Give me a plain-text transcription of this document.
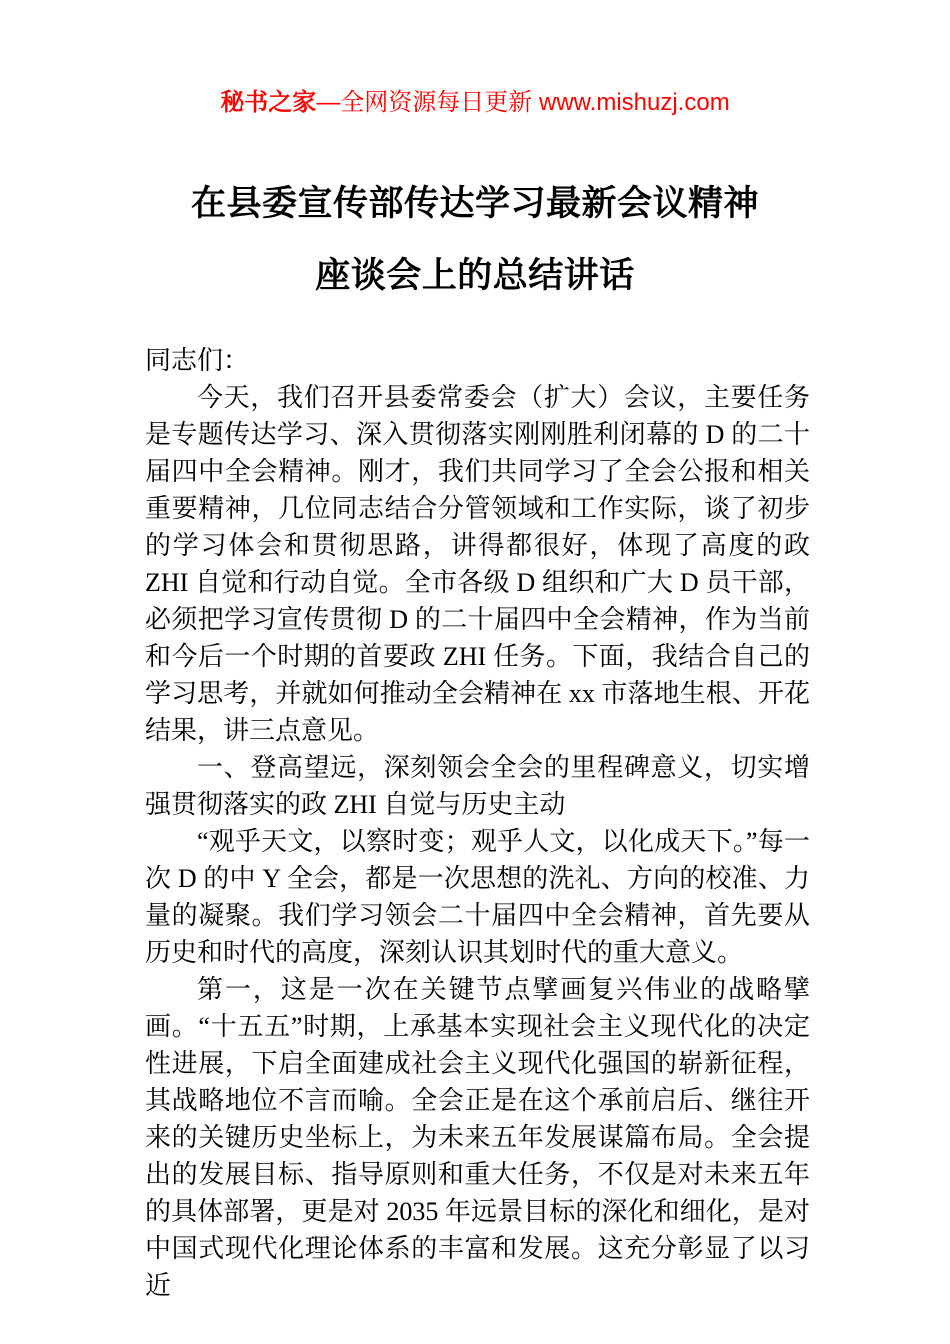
秘书之家—全网资源每日更新 www.mishuzj.com
在县委宣传部传达学习最新会议精神
座谈会上的总结讲话

同志们：

今天，我们召开县委常委会（扩大）会议，主要任务是专题传达学习、深入贯彻落实刚刚胜利闭幕的 D 的二十届四中全会精神。刚才，我们共同学习了全会公报和相关重要精神，几位同志结合分管领域和工作实际，谈了初步的学习体会和贯彻思路，讲得都很好，体现了高度的政 ZHI 自觉和行动自觉。全市各级 D 组织和广大 D 员干部，必须把学习宣传贯彻 D 的二十届四中全会精神，作为当前和今后一个时期的首要政 ZHI 任务。下面，我结合自己的学习思考，并就如何推动全会精神在 xx 市落地生根、开花结果，讲三点意见。

一、登高望远，深刻领会全会的里程碑意义，切实增强贯彻落实的政 ZHI 自觉与历史主动

“观乎天文，以察时变；观乎人文，以化成天下。”每一次 D 的中 Y 全会，都是一次思想的洗礼、方向的校准、力量的凝聚。我们学习领会二十届四中全会精神，首先要从历史和时代的高度，深刻认识其划时代的重大意义。

第一，这是一次在关键节点擘画复兴伟业的战略擘画。“十五五”时期，上承基本实现社会主义现代化的决定性进展，下启全面建成社会主义现代化强国的崭新征程，其战略地位不言而喻。全会正是在这个承前启后、继往开来的关键历史坐标上，为未来五年发展谋篇布局。全会提出的发展目标、指导原则和重大任务，不仅是对未来五年的具体部署，更是对 2035 年远景目标的深化和细化，是对中国式现代化理论体系的丰富和发展。这充分彰显了以习近
